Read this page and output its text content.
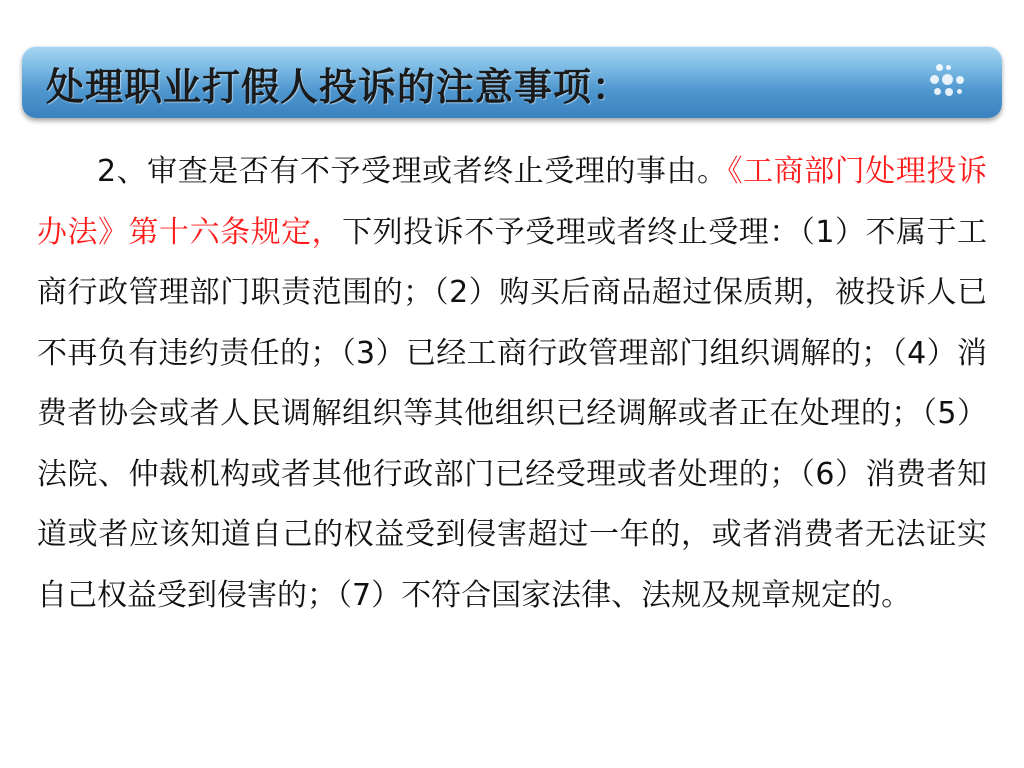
处理职业打假人投诉的注意事项：
2、审查是否有不予受理或者终止受理的事由。《工商部门处理投诉办法》第十六条规定，下列投诉不予受理或者终止受理：（1）不属于工商行政管理部门职责范围的；（2）购买后商品超过保质期，被投诉人已不再负有违约责任的；（3）已经工商行政管理部门组织调解的；（4）消费者协会或者人民调解组织等其他组织已经调解或者正在处理的；（5）法院、仲裁机构或者其他行政部门已经受理或者处理的；（6）消费者知道或者应该知道自己的权益受到侵害超过一年的，或者消费者无法证实自己权益受到侵害的；（7）不符合国家法律、法规及规章规定的。
